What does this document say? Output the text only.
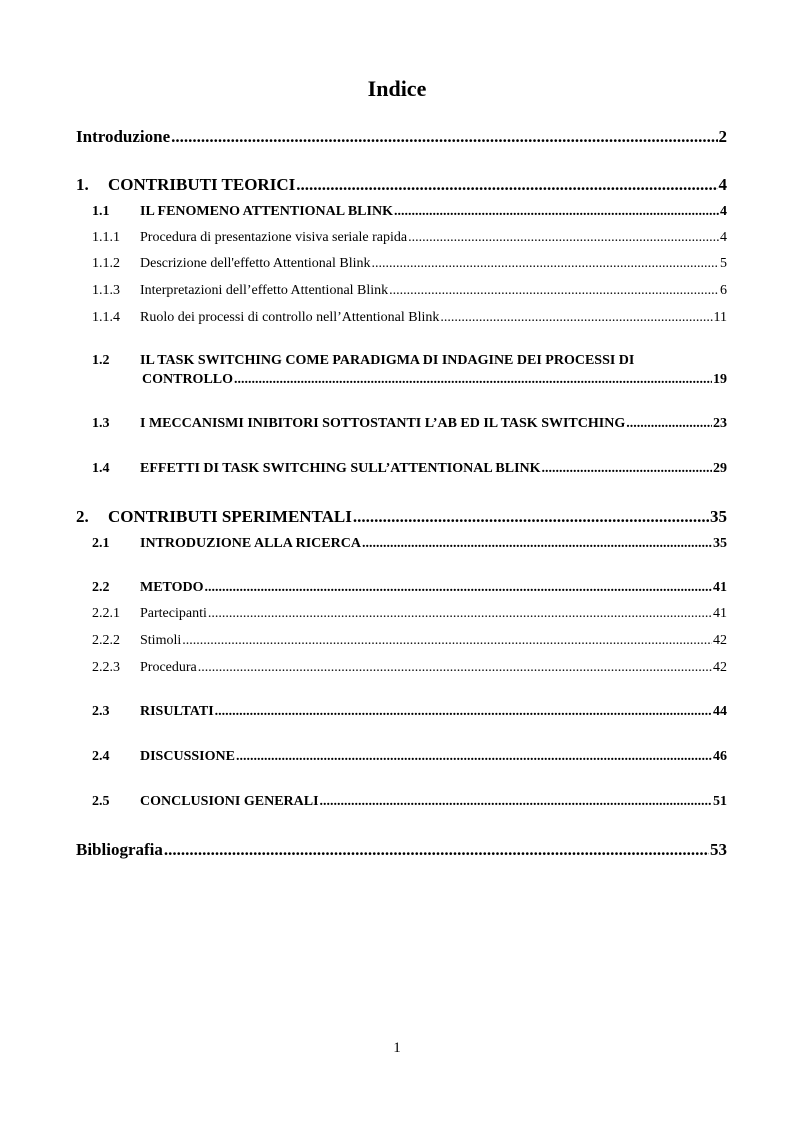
Indice
Introduzione .....	2
1.	CONTRIBUTI TEORICI .....	4
1.1	IL FENOMENO ATTENTIONAL BLINK .....	4
1.1.1	Procedura di presentazione visiva seriale rapida .....	4
1.1.2	Descrizione dell'effetto Attentional Blink .....	5
1.1.3	Interpretazioni dell’effetto Attentional Blink .....	6
1.1.4	Ruolo dei processi di controllo nell’Attentional Blink .....	11
1.2 IL TASK SWITCHING COME PARADIGMA DI INDAGINE DEI PROCESSI DI
CONTROLLO .....	19
1.3	I MECCANISMI INIBITORI SOTTOSTANTI L’AB ED IL TASK SWITCHING .....	23
1.4	EFFETTI DI TASK SWITCHING SULL’ATTENTIONAL BLINK .....	29
2.	CONTRIBUTI SPERIMENTALI .....	35
2.1	INTRODUZIONE ALLA RICERCA .....	35
2.2	METODO .....	41
2.2.1	Partecipanti .....	41
2.2.2	Stimoli .....	42
2.2.3	Procedura .....	42
2.3	RISULTATI .....	44
2.4	DISCUSSIONE .....	46
2.5	CONCLUSIONI GENERALI .....	51
Bibliografia .....	53
1
